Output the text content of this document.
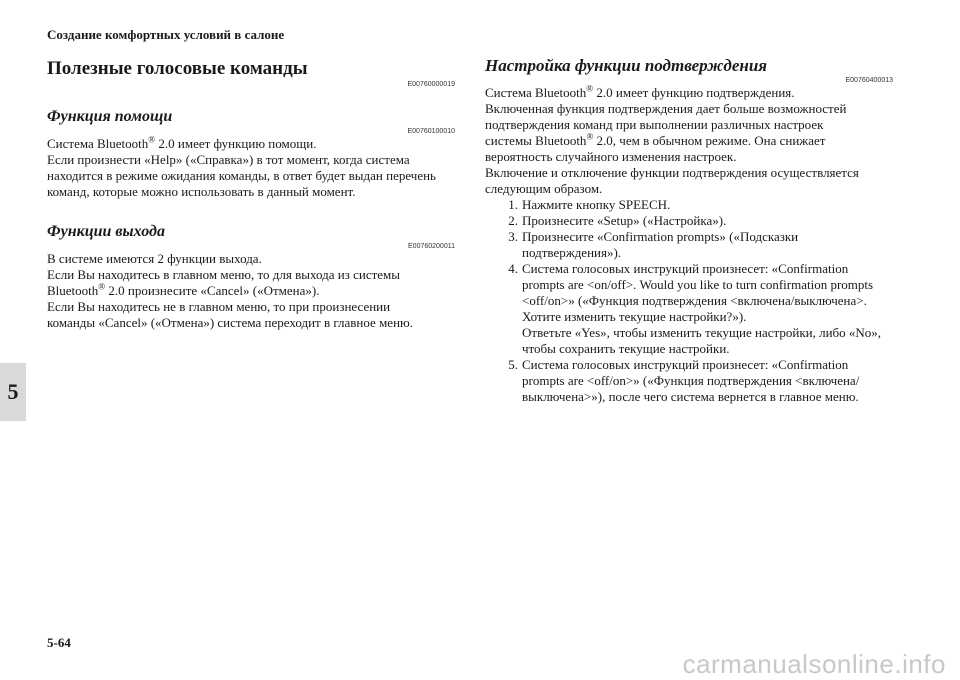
Создание комфортных условий в салоне
5
5-64
carmanualsonline.info
Полезные голосовые команды
E00760000019
Функция помощи
E00760100010

Система Bluetooth® 2.0 имеет функцию помощи.

Если произнести «Help» («Справка») в тот момент, когда система

находится в режиме ожидания команды, в ответ будет выдан перечень

команд, которые можно использовать в данный момент.

Функции выхода
E00760200011

В системе имеются 2 функции выхода.

Если Вы находитесь в главном меню, то для выхода из системы

Bluetooth® 2.0 произнесите «Cancel» («Отмена»).

Если Вы находитесь не в главном меню, то при произнесении

команды «Cancel» («Отмена») система переходит в главное меню.

Настройка функции подтверждения
E00760400013

Система Bluetooth® 2.0 имеет функцию подтверждения.

Включенная функция подтверждения дает больше возможностей

подтверждения команд при выполнении различных настроек

системы Bluetooth® 2.0, чем в обычном режиме. Она снижает

вероятность случайного изменения настроек.

Включение и отключение функции подтверждения осуществляется

следующим образом.

1. Нажмите кнопку SPEECH.
2. Произнесите «Setup» («Настройка»).
3. Произнесите «Confirmation prompts» («Подсказки
подтверждения»).
4. Система голосовых инструкций произнесет: «Confirmation
prompts are <on/off>. Would you like to turn confirmation prompts
<off/on>» («Функция подтверждения <включена/выключена>.
Хотите изменить текущие настройки?»).
Ответьте «Yes», чтобы изменить текущие настройки, либо «No»,
чтобы сохранить текущие настройки.
5. Система голосовых инструкций произнесет: «Confirmation
prompts are <off/on>» («Функция подтверждения <включена/
выключена>»), после чего система вернется в главное меню.
